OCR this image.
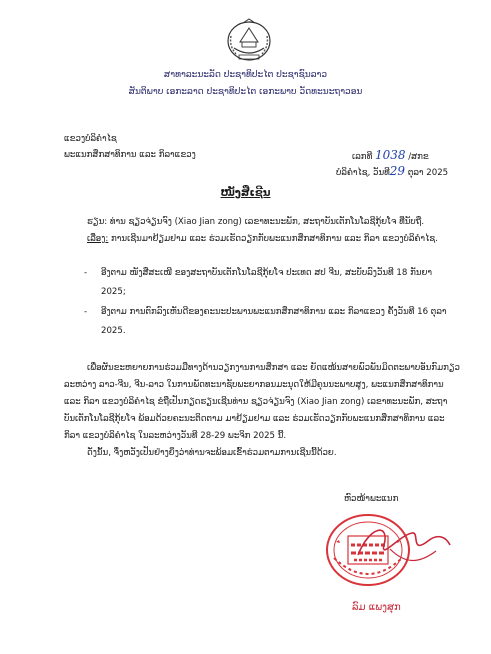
ສາທາລະນະລັດ ປະຊາທິປະໄຕ ປະຊາຊົນລາວ
ສັນຕິພາບ ເອກະລາດ ປະຊາທິປະໄຕ ເອກະພາບ ວັດທະນະຖາວອນ
ແຂວງບໍລິຄໍາໄຊ
ພະແນກສຶກສາທິການ ແລະ ກິລາແຂວງ	ເລກທີ 1038 /ສກຂ
ບໍລິຄໍາໄຊ, ວັນທີ29 ຕຸລາ 2025
ໜັງສືເຊີນ
ຮຽນ: ທ່ານ ຊຽວຈ່ຽນຈົງ (Xiao Jian zong) ເລຂາທະນະພັກ, ສະຖາບັນເຕັກໂນໂລຊີກຸ້ຍໂຈ ທີ່ນັບຖື.
ເລື່ອງ: ການເຊີນມາຢ້ຽມຢາມ ແລະ ຮ່ວມເຮັດວຽກກັບພະແນກສຶກສາທິການ ແລະ ກິລາ ແຂວງບໍລິຄໍາໄຊ.
- ອີງຕາມ ໜັງສືສະເໜີ ຂອງສະຖາບັນເຕັກໂນໂລຊີກຸ້ຍໂຈ ປະເທດ ສປ ຈີນ, ສະບັບລົງວັນທີ 18 ກັນຍາ
2025;
- ອີງຕາມ ການຕົກລົງເຫັນດີຂອງຄະນະປະພານພະແນກສຶກສາທິການ ແລະ ກິລາແຂວງ ຄັ້ງວັນທີ 16 ຕຸລາ
2025.
ເພື່ອຜັນຂະຫຍາຍການຮ່ວມມືທາງດ້ານວຽກງານການສຶກສາ ແລະ ຍັດແໜ້ນສາຍພົວພັນມິດຕະພາບອັນກົມກຽວ
ລະຫວ່າງ ລາວ-ຈີນ, ຈີນ-ລາວ ໃນການພັດທະນາຊັບພະຍາກອນມະນຸດໃຫ້ມີຄຸນນະພາບສູງ, ພະແນກສຶກສາທິການ
ແລະ ກິລາ ແຂວງບໍລິຄໍາໄຊ ຂໍຖືເປັນກຽດຮຽນເຊີນທ່ານ ຊຽວຈ່ຽນຈົງ (Xiao Jian zong) ເລຂາທະນະພັກ, ສະຖາ
ບັນເຕັກໂນໂລຊີກຸ້ຍໂຈ ພ້ອມດ້ວຍຄະນະຕິດຕາມ ມາຢ້ຽມຢາມ ແລະ ຮ່ວມເຮັດວຽກກັບພະແນກສຶກສາທິການ ແລະ
ກິລາ ແຂວງບໍລິຄໍາໄຊ ໃນລະຫວ່າງວັນທີ 28-29 ພະຈິກ 2025 ນີ້.
ດັ່ງນັ້ນ, ຈຶ່ງຫວັງເປັນຢ່າງຍິ່ງວ່າທ່ານຈະພ້ອມເຂົ້າຮ່ວມຕາມການເຊີນນີ້ດ້ວຍ.
ຫົວໜ້າພະແນກ
ລົມ ແພງສຸກ
